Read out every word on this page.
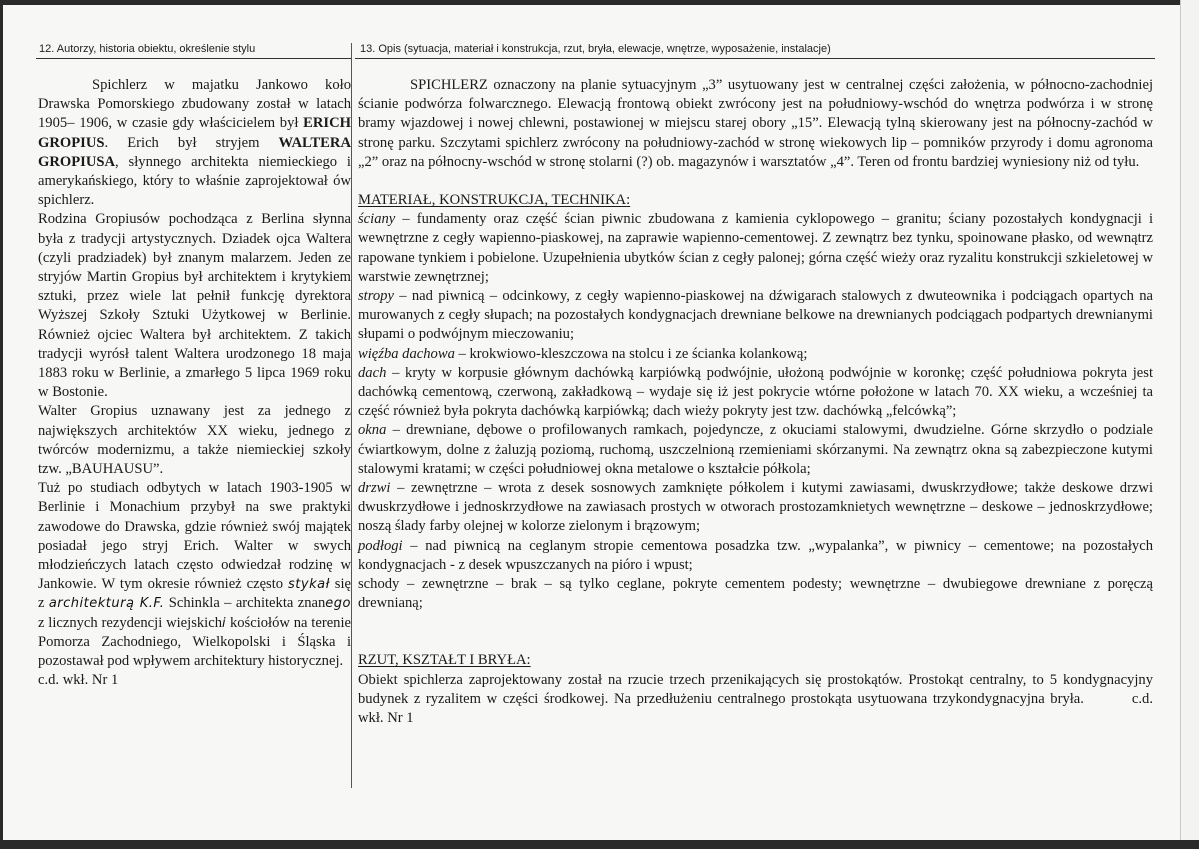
12. Autorzy, historia obiektu, określenie stylu	13. Opis (sytuacja, materiał i konstrukcja, rzut, bryła, elewacje, wnętrze, wyposażenie, instalacje)

Spichlerz w majatku Jankowo koło Drawska Pomorskiego zbudowany został w latach 1905– 1906, w czasie gdy właścicielem był ERICH GROPIUS. Erich był stryjem WALTERA GROPIUSA, słynnego architekta niemieckiego i amerykańskiego, który to właśnie zaprojektował ów spichlerz.

Rodzina Gropiusów pochodząca z Berlina słynna była z tradycji artystycznych. Dziadek ojca Waltera (czyli pradziadek) był znanym malarzem. Jeden ze stryjów Martin Gropius był architektem i krytykiem sztuki, przez wiele lat pełnił funkcję dyrektora Wyższej Szkoły Sztuki Użytkowej w Berlinie. Również ojciec Waltera był architektem. Z takich tradycji wyrósł talent Waltera urodzonego 18 maja 1883 roku w Berlinie, a zmarłego 5 lipca 1969 roku w Bostonie.

Walter Gropius uznawany jest za jednego z największych architektów XX wieku, jednego z twórców modernizmu, a także niemieckiej szkoły tzw. „BAUHAUSU”.

Tuż po studiach odbytych w latach 1903-1905 w Berlinie i Monachium przybył na swe praktyki zawodowe do Drawska, gdzie również swój majątek posiadał jego stryj Erich. Walter w swych młodzieńczych latach często odwiedzał rodzinę w Jankowie. W tym okresie również często stykał się z architekturą K.F. Schinkla – architekta znanego z licznych rezydencji wiejskichi kościołów na terenie Pomorza Zachodniego, Wielkopolski i Śląska i pozostawał pod wpływem architektury historycznej.

c.d. wkł. Nr 1

SPICHLERZ oznaczony na planie sytuacyjnym „3” usytuowany jest w centralnej części założenia, w północno-zachodniej ścianie podwórza folwarcznego. Elewacją frontową obiekt zwrócony jest na południowy-wschód do wnętrza podwórza i w stronę bramy wjazdowej i nowej chlewni, postawionej w miejscu starej obory „15”. Elewacją tylną skierowany jest na północny-zachód w stronę parku. Szczytami spichlerz zwrócony na południowy-zachód w stronę wiekowych lip – pomników przyrody i domu agronoma „2” oraz na północny-wschód w stronę stolarni (?) ob. magazynów i warsztatów „4”. Teren od frontu bardziej wyniesiony niż od tyłu.

MATERIAŁ, KONSTRUKCJA, TECHNIKA:

ściany – fundamenty oraz część ścian piwnic zbudowana z kamienia cyklopowego – granitu; ściany pozostałych kondygnacji i wewnętrzne z cegły wapienno-piaskowej, na zaprawie wapienno-cementowej. Z zewnątrz bez tynku, spoinowane płasko, od wewnątrz rapowane tynkiem i pobielone. Uzupełnienia ubytków ścian z cegły palonej; górna część wieży oraz ryzalitu konstrukcji szkieletowej w warstwie zewnętrznej;

stropy – nad piwnicą – odcinkowy, z cegły wapienno-piaskowej na dźwigarach stalowych z dwuteownika i podciągach opartych na murowanych z cegły słupach; na pozostałych kondygnacjach drewniane belkowe na drewnianych podciągach podpartych drewnianymi słupami o podwójnym mieczowaniu;

więźba dachowa – krokwiowo-kleszczowa na stolcu i ze ścianka kolankową;

dach – kryty w korpusie głównym dachówką karpiówką podwójnie, ułożoną podwójnie w koronkę; część południowa pokryta jest dachówką cementową, czerwoną, zakładkową – wydaje się iż jest pokrycie wtórne położone w latach 70. XX wieku, a wcześniej ta część również była pokryta dachówką karpiówką; dach wieży pokryty jest tzw. dachówką „felcówką”;

okna – drewniane, dębowe o profilowanych ramkach, pojedyncze, z okuciami stalowymi, dwudzielne. Górne skrzydło o podziale ćwiartkowym, dolne z żaluzją poziomą, ruchomą, uszczelnioną rzemieniami skórzanymi. Na zewnątrz okna są zabezpieczone kutymi stalowymi kratami; w części południowej okna metalowe o kształcie półkola;

drzwi – zewnętrzne – wrota z desek sosnowych zamknięte półkolem i kutymi zawiasami, dwuskrzydłowe; także deskowe drzwi dwuskrzydłowe i jednoskrzydłowe na zawiasach prostych w otworach prostozamknietych wewnętrzne – deskowe – jednoskrzydłowe; noszą ślady farby olejnej w kolorze zielonym i brązowym;

podłogi – nad piwnicą na ceglanym stropie cementowa posadzka tzw. „wypalanka”, w piwnicy – cementowe; na pozostałych kondygnacjach - z desek wpuszczanych na pióro i wpust;

schody – zewnętrzne – brak – są tylko ceglane, pokryte cementem podesty; wewnętrzne – dwubiegowe drewniane z poręczą drewnianą;

RZUT, KSZTAŁT I BRYŁA:

Obiekt spichlerza zaprojektowany został na rzucie trzech przenikających się prostokątów. Prostokąt centralny, to 5 kondygnacyjny budynek z ryzalitem w części środkowej. Na przedłużeniu centralnego prostokąta usytuowana trzykondygnacyjna bryła.	c.d. wkł. Nr 1
